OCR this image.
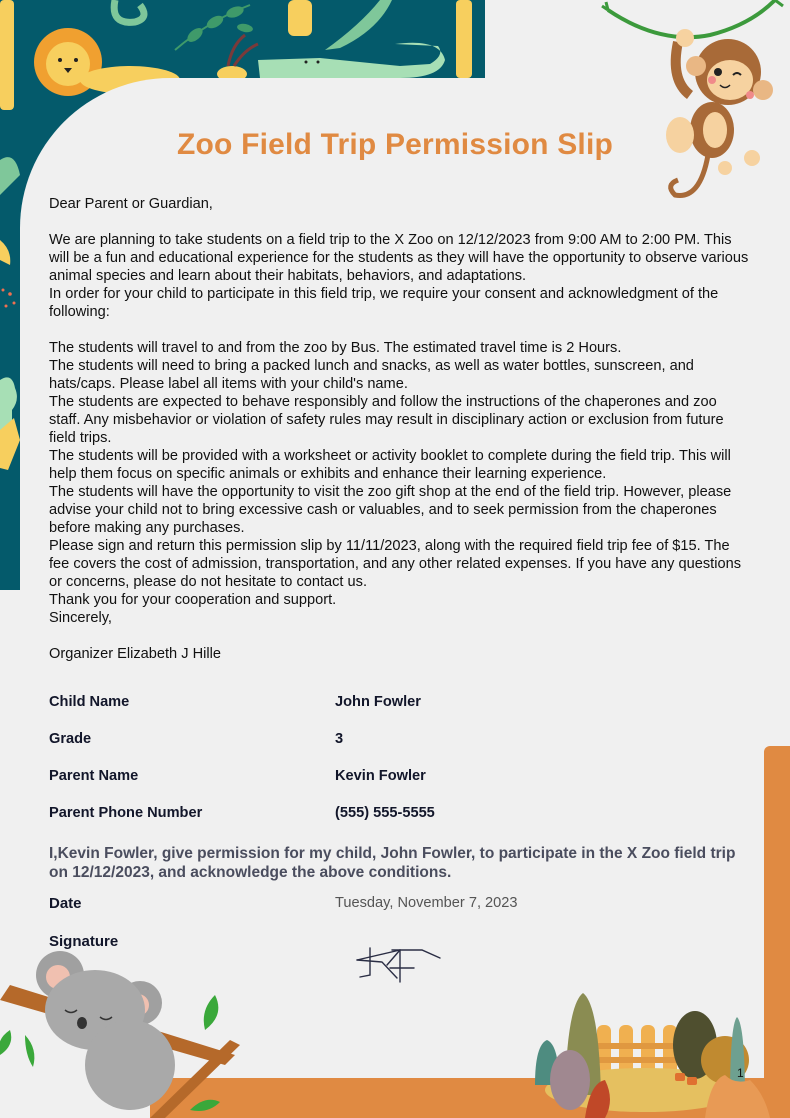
Zoo Field Trip Permission Slip

Dear Parent or Guardian,

We are planning to take students on a field trip to the X Zoo on 12/12/2023 from 9:00 AM to 2:00 PM. This will be a fun and educational experience for the students as they will have the opportunity to observe various animal species and learn about their habitats, behaviors, and adaptations.

In order for your child to participate in this field trip, we require your consent and acknowledgment of the following:

The students will travel to and from the zoo by Bus. The estimated travel time is 2 Hours.

The students will need to bring a packed lunch and snacks, as well as water bottles, sunscreen, and hats/caps. Please label all items with your child's name.

The students are expected to behave responsibly and follow the instructions of the chaperones and zoo staff. Any misbehavior or violation of safety rules may result in disciplinary action or exclusion from future field trips.

The students will be provided with a worksheet or activity booklet to complete during the field trip. This will help them focus on specific animals or exhibits and enhance their learning experience.

The students will have the opportunity to visit the zoo gift shop at the end of the field trip. However, please advise your child not to bring excessive cash or valuables, and to seek permission from the chaperones before making any purchases.

Please sign and return this permission slip by 11/11/2023, along with the required field trip fee of $15. The fee covers the cost of admission, transportation, and any other related expenses. If you have any questions or concerns, please do not hesitate to contact us.

Thank you for your cooperation and support.

Sincerely,

Organizer Elizabeth J Hille

Child Name	John Fowler
Grade	3
Parent Name	Kevin Fowler
Parent Phone Number	(555) 555-5555

I,Kevin Fowler, give permission for my child, John Fowler, to participate in the X Zoo field trip on 12/12/2023, and acknowledge the above conditions.

Date	Tuesday, November 7, 2023
Signature
1
